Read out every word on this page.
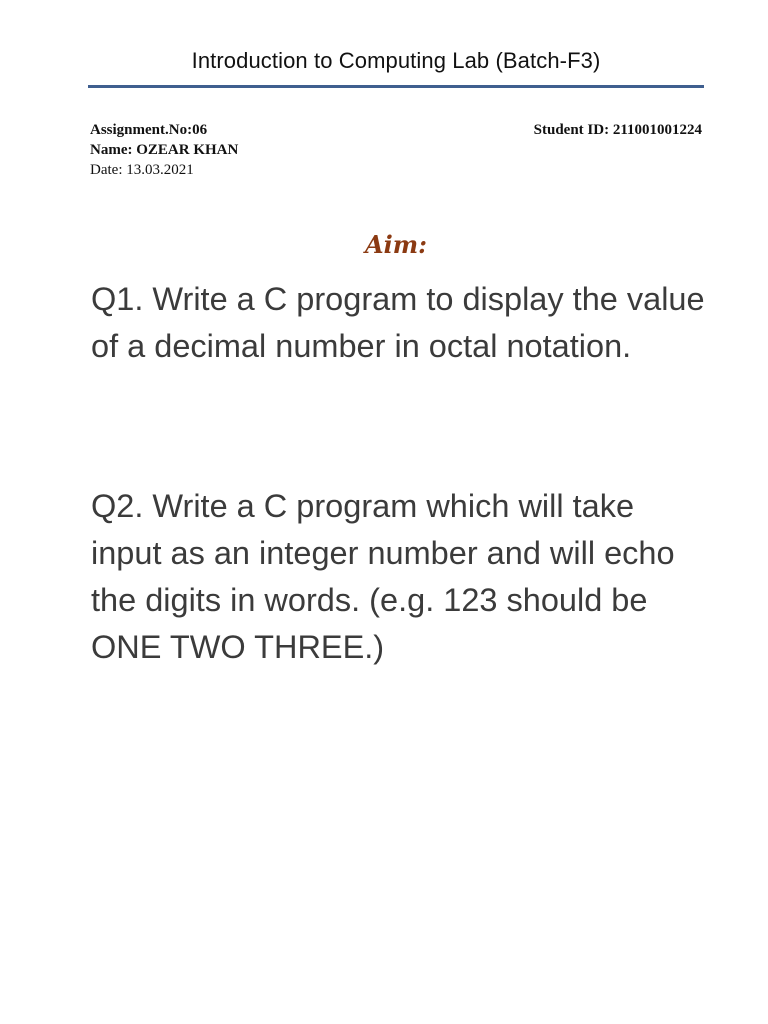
Introduction to Computing Lab (Batch-F3)
Assignment.No:06
Name: OZEAR KHAN
Date: 13.03.2021
Student ID: 211001001224
Aim:
Q1. Write a C program to display the value of a decimal number in octal notation.
Q2. Write a C program which will take input as an integer number and will echo the digits in words. (e.g. 123 should be ONE TWO THREE.)
